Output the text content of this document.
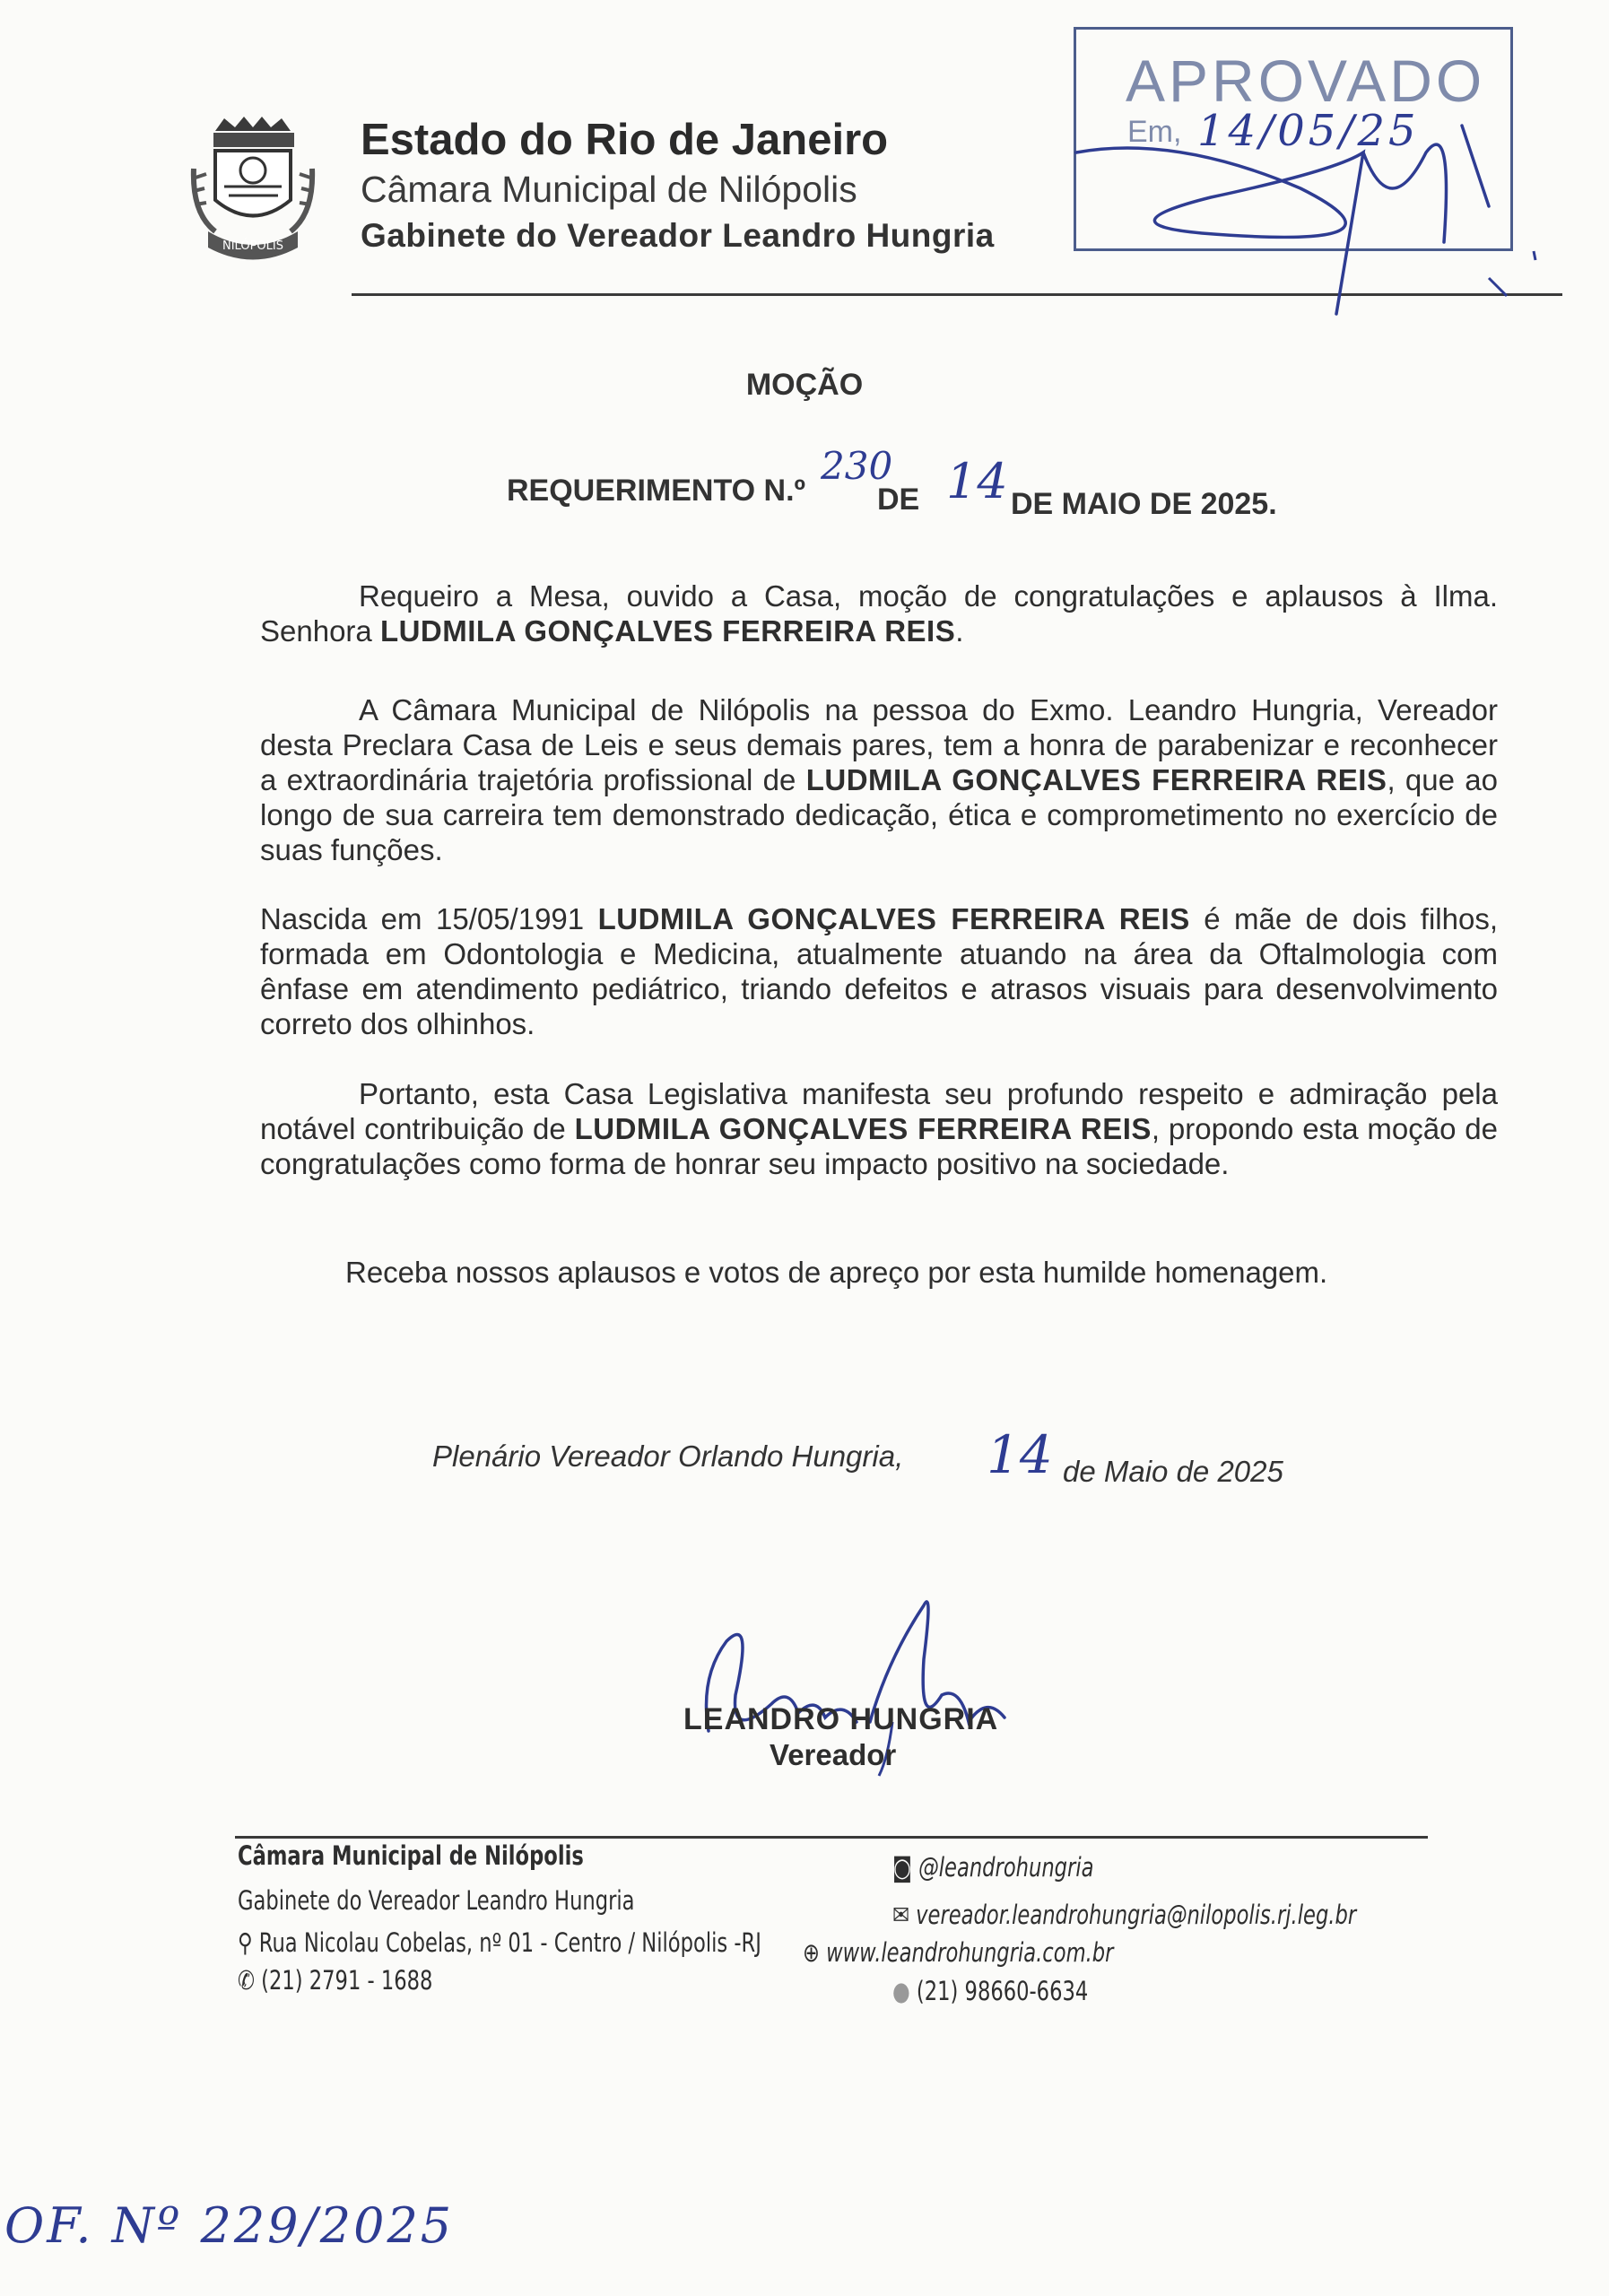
NILÓPOLIS
Estado do Rio de Janeiro
Câmara Municipal de Nilópolis
Gabinete do Vereador Leandro Hungria
APROVADO
Em, 14/05/25
MOÇÃO
REQUERIMENTO N.º
230
DE 14 DE MAIO DE 2025.
Requeiro a Mesa, ouvido a Casa, moção de congratulações e aplausos à Ilma. Senhora LUDMILA GONÇALVES FERREIRA REIS.
A Câmara Municipal de Nilópolis na pessoa do Exmo. Leandro Hungria, Vereador desta Preclara Casa de Leis e seus demais pares, tem a honra de parabenizar e reconhecer a extraordinária trajetória profissional de LUDMILA GONÇALVES FERREIRA REIS, que ao longo de sua carreira tem demonstrado dedicação, ética e comprometimento no exercício de suas funções.
Nascida em 15/05/1991 LUDMILA GONÇALVES FERREIRA REIS é mãe de dois filhos, formada em Odontologia e Medicina, atualmente atuando na área da Oftalmologia com ênfase em atendimento pediátrico, triando defeitos e atrasos visuais para desenvolvimento correto dos olhinhos.
Portanto, esta Casa Legislativa manifesta seu profundo respeito e admiração pela notável contribuição de LUDMILA GONÇALVES FERREIRA REIS, propondo esta moção de congratulações como forma de honrar seu impacto positivo na sociedade.
Receba nossos aplausos e votos de apreço por esta humilde homenagem.
Plenário Vereador Orlando Hungria, 14 de Maio de 2025
LEANDRO HUNGRIA
Vereador
Câmara Municipal de Nilópolis
Gabinete do Vereador Leandro Hungria
⚲ Rua Nicolau Cobelas, nº 01 - Centro / Nilópolis -RJ
✆ (21) 2791 - 1688
◙ @leandrohungria
✉ vereador.leandrohungria@nilopolis.rj.leg.br
⊕ www.leandrohungria.com.br
● (21) 98660-6634
OF. Nº 229/2025
